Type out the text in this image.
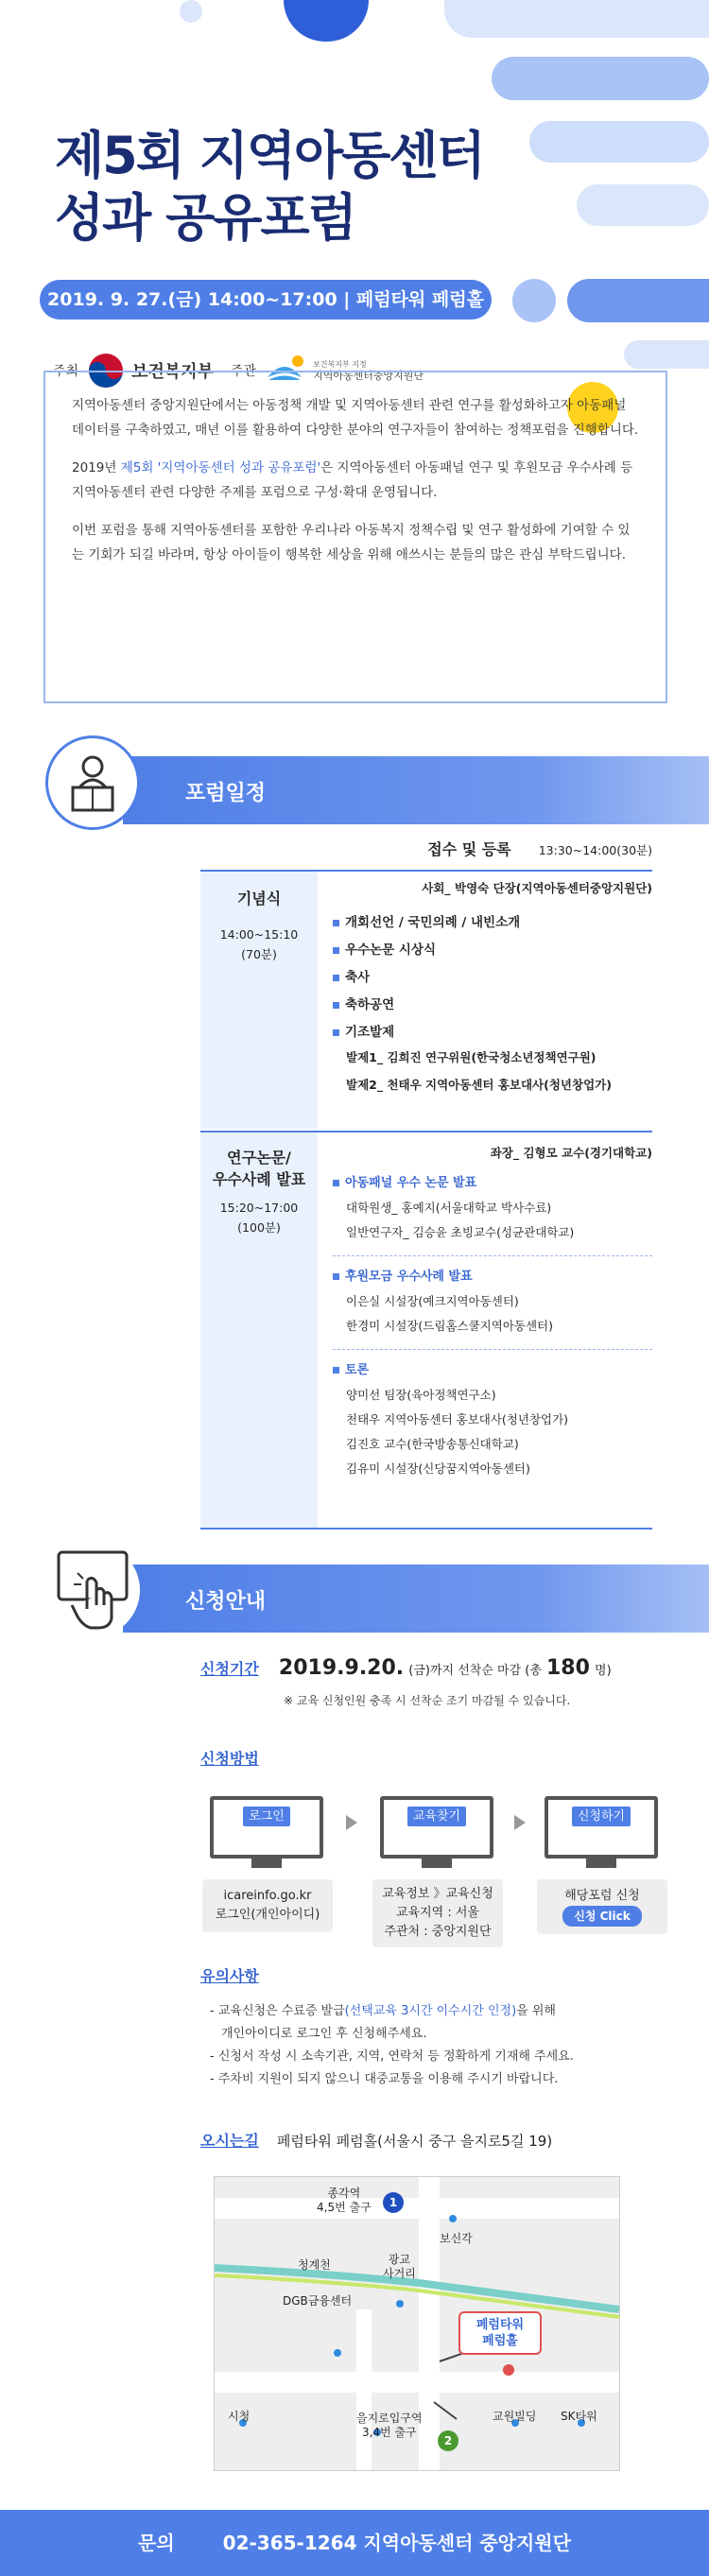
제5회 지역아동센터
성과 공유포럼
2019. 9. 27.(금) 14:00~17:00 | 페럼타워 페럼홀
주최	보건복지부 주관	보건복지부 지정
지역아동센터중앙지원단

지역아동센터 중앙지원단에서는 아동정책 개발 및 지역아동센터 관련 연구를 활성화하고자 아동패널 데이터를 구축하였고, 매년 이를 활용하여 다양한 분야의 연구자들이 참여하는 정책포럼을 진행합니다.

2019년 제5회 '지역아동센터 성과 공유포럼'은 지역아동센터 아동패널 연구 및 후원모금 우수사례 등 지역아동센터 관련 다양한 주제를 포럼으로 구성·확대 운영됩니다.

이번 포럼을 통해 지역아동센터를 포함한 우리나라 아동복지 정책수립 및 연구 활성화에 기여할 수 있는 기회가 되길 바라며, 항상 아이들이 행복한 세상을 위해 애쓰시는 분들의 많은 관심 부탁드립니다.

포럼일정
접수 및 등록 13:30~14:00(30분)
기념식
14:00~15:10
(70분)
사회_ 박영숙 단장(지역아동센터중앙지원단)
개회선언 / 국민의례 / 내빈소개
우수논문 시상식
축사
축하공연
기조발제
발제1_ 김희진 연구위원(한국청소년정책연구원)
발제2_ 천태우 지역아동센터 홍보대사(청년창업가)
연구논문/
우수사례 발표
15:20~17:00
(100분)
좌장_ 김형모 교수(경기대학교)
아동패널 우수 논문 발표
대학원생_ 홍예지(서울대학교 박사수료)
일반연구자_ 김승윤 초빙교수(성균관대학교)
후원모금 우수사례 발표
이은실 시설장(예크지역아동센터)
한경미 시설장(드림홈스쿨지역아동센터)
토론
양미선 팀장(육아정책연구소)
천태우 지역아동센터 홍보대사(청년창업가)
김진호 교수(한국방송통신대학교)
김유미 시설장(신당꿈지역아동센터)
신청안내
신청기간 2019.9.20. (금)까지 선착순 마감 (총 180 명)
※ 교육 신청인원 충족 시 선착순 조기 마감될 수 있습니다.
신청방법
$_{로그인}$
icareinfo.go.kr
로그인(개인아이디)
$_{교육찾기}$
교육정보 》교육신청
교육지역 : 서울
주관처 : 중앙지원단
$_{신청하기}$
해당포럼 신청
신청 Click
유의사항
- 교육신청은 수료증 발급(선택교육 3시간 이수시간 인정)을 위해
개인아이디로 로그인 후 신청해주세요.
- 신청서 작성 시 소속기관, 지역, 연락처 등 정확하게 기재해 주세요.
- 주차비 지원이 되지 않으니 대중교통을 이용해 주시기 바랍니다.
오시는길 페럼타워 페럼홀(서울시 중구 을지로5길 19)
종각역
4,5번 출구	1
보신각
청계천	광교
사거리
DGB금융센터
페럼타워
페럼홀
시청	을지로입구역
3,4번 출구
2
교원빌딩 SK타워
문의	02-365-1264 지역아동센터 중앙지원단
